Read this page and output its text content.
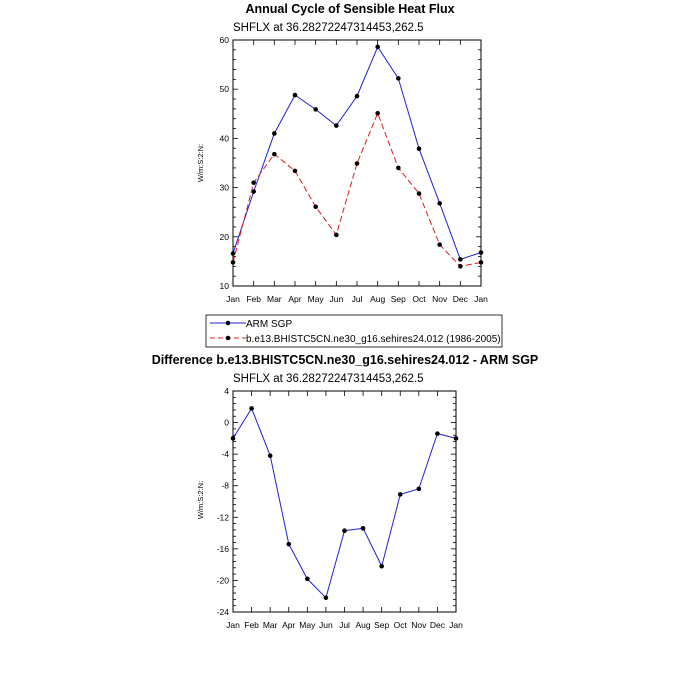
Annual Cycle of Sensible Heat Flux
SHFLX at 36.28272247314453,262.5
W/m:S:2:N:
10
20
30
40
50
60
Jan Feb Mar Apr May Jun Jul Aug Sep Oct Nov Dec Jan
ARM SGP
b.e13.BHISTC5CN.ne30_g16.sehires24.012 (1986-2005)
Difference b.e13.BHISTC5CN.ne30_g16.sehires24.012 - ARM SGP
SHFLX at 36.28272247314453,262.5
W/m:S:2:N:
4
0
-4
-8
-12
-16
-20
-24
Jan Feb Mar Apr May Jun Jul Aug Sep Oct Nov Dec Jan
